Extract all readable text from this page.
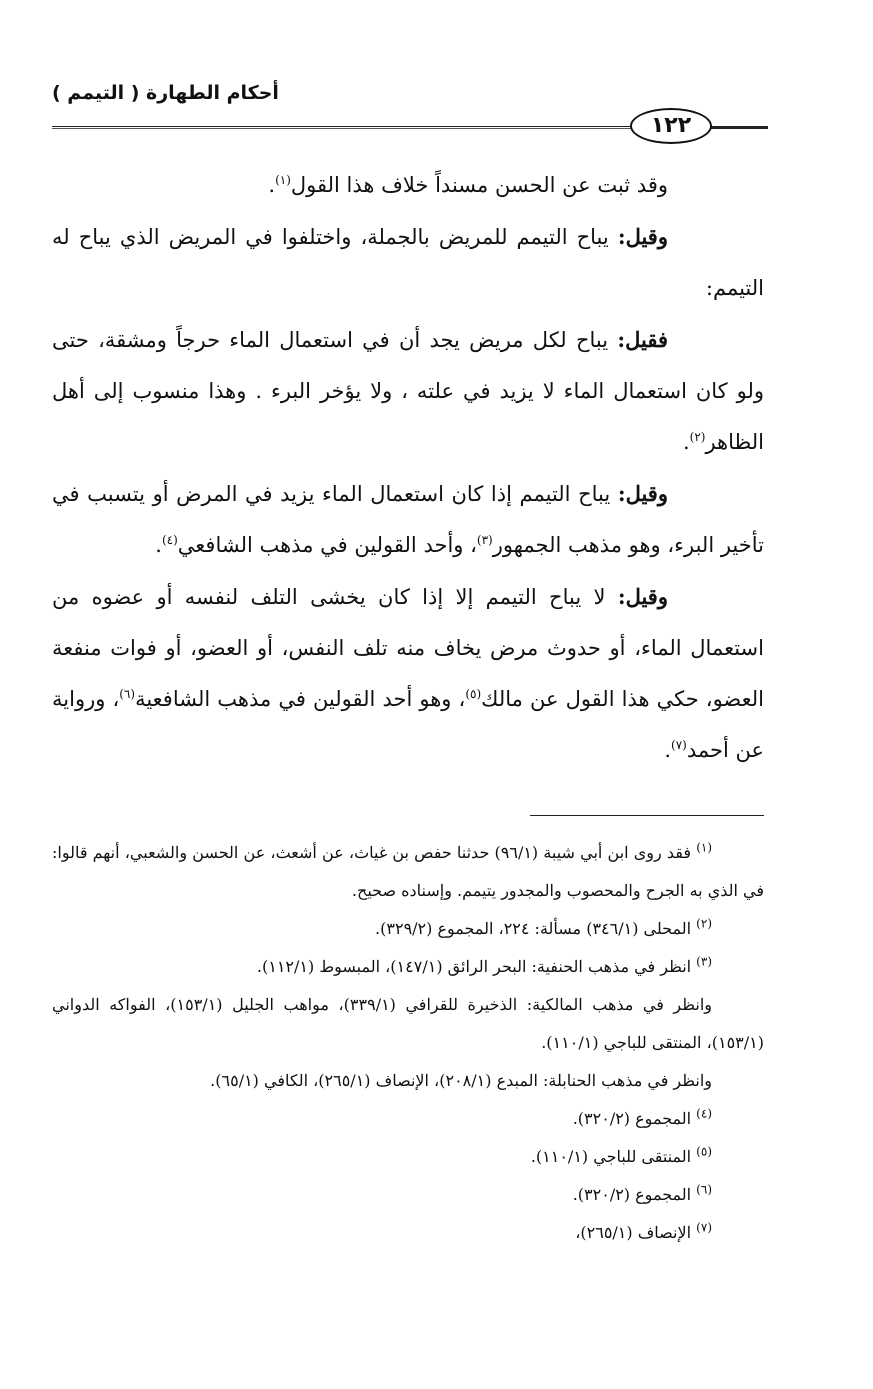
أحكام الطهارة ( التيمم )
١٢٢

وقد ثبت عن الحسن مسنداً خلاف هذا القول$^{(١)}$.

وقيل: يباح التيمم للمريض بالجملة، واختلفوا في المريض الذي يباح له التيمم:

فقيل: يباح لكل مريض يجد أن في استعمال الماء حرجاً ومشقة، حتى ولو كان استعمال الماء لا يزيد في علته ، ولا يؤخر البرء . وهذا منسوب إلى أهل الظاهر$^{(٢)}$.

وقيل: يباح التيمم إذا كان استعمال الماء يزيد في المرض أو يتسبب في تأخير البرء، وهو مذهب الجمهور$^{(٣)}$، وأحد القولين في مذهب الشافعي$^{(٤)}$.

وقيل: لا يباح التيمم إلا إذا كان يخشى التلف لنفسه أو عضوه من استعمال الماء، أو حدوث مرض يخاف منه تلف النفس، أو العضو، أو فوات منفعة العضو، حكي هذا القول عن مالك$^{(٥)}$، وهو أحد القولين في مذهب الشافعية$^{(٦)}$، ورواية عن أحمد$^{(٧)}$.

$^{(١)}$ فقد روى ابن أبي شيبة (٩٦/١) حدثنا حفص بن غياث، عن أشعث، عن الحسن والشعبي، أنهم قالوا: في الذي به الجرح والمحصوب والمجدور يتيمم. وإسناده صحيح.

$^{(٢)}$ المحلى (٣٤٦/١) مسألة: ٢٢٤، المجموع (٣٢٩/٢).

$^{(٣)}$ انظر في مذهب الحنفية: البحر الرائق (١٤٧/١)، المبسوط (١١٢/١).

وانظر في مذهب المالكية: الذخيرة للقرافي (٣٣٩/١)، مواهب الجليل (١٥٣/١)، الفواكه الدواني (١٥٣/١)، المنتقى للباجي (١١٠/١).

وانظر في مذهب الحنابلة: المبدع (٢٠٨/١)، الإنصاف (٢٦٥/١)، الكافي (٦٥/١).

$^{(٤)}$ المجموع (٣٢٠/٢).

$^{(٥)}$ المنتقى للباجي (١١٠/١).

$^{(٦)}$ المجموع (٣٢٠/٢).

$^{(٧)}$ الإنصاف (٢٦٥/١)،
